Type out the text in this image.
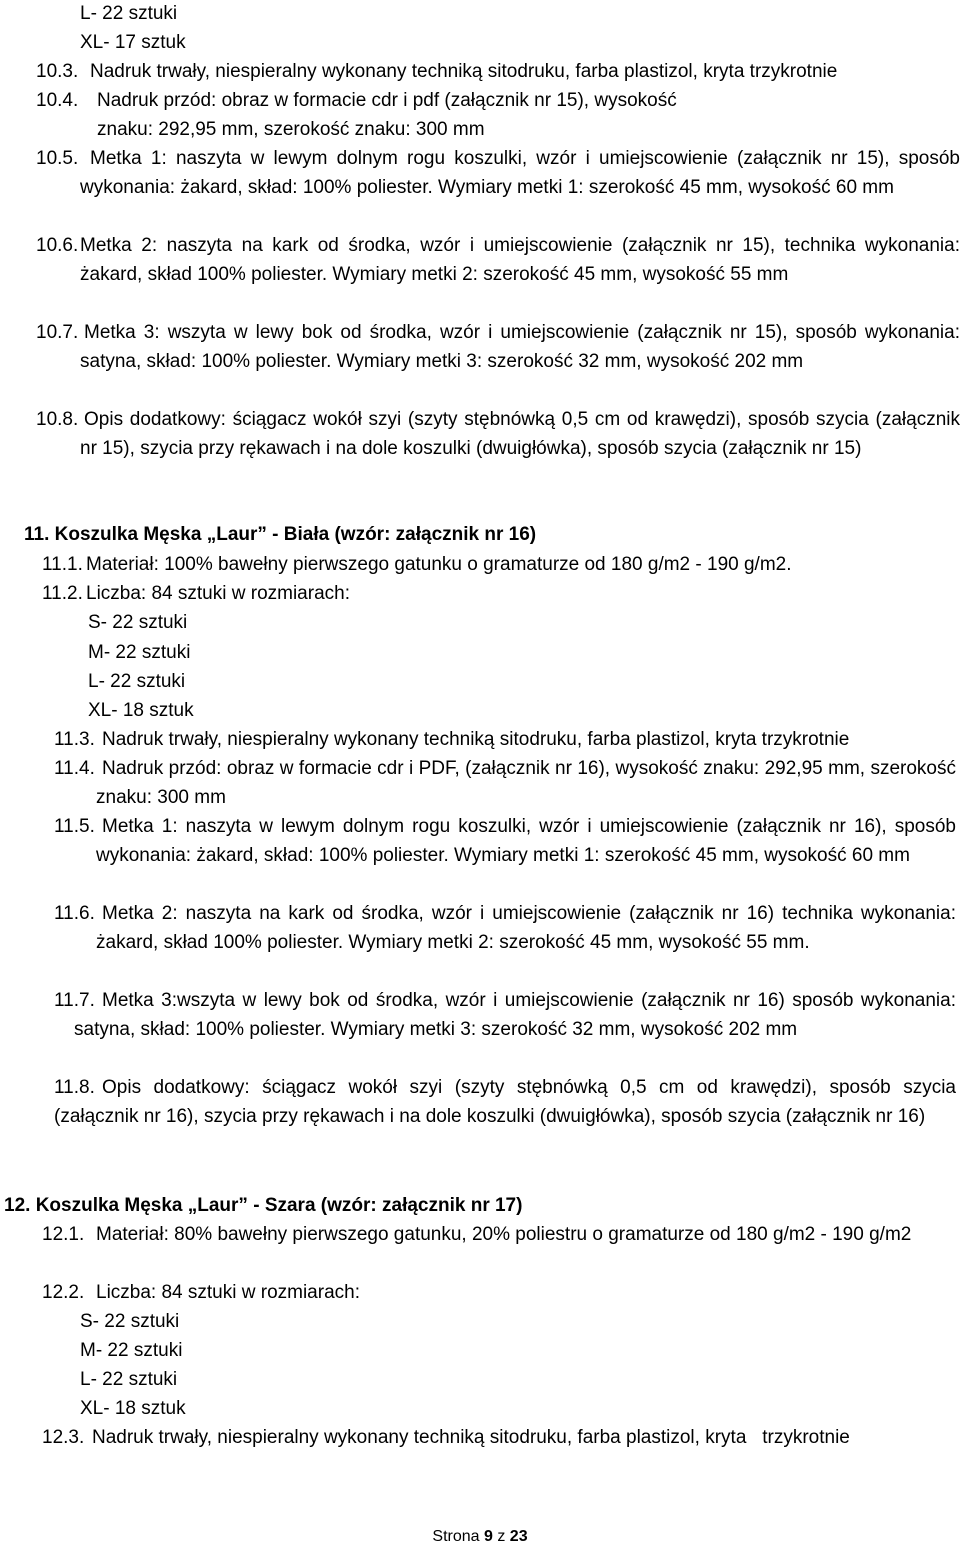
L- 22 sztuki
XL- 17 sztuk
10.3. Nadruk trwały, niespieralny wykonany techniką sitodruku, farba plastizol, kryta trzykrotnie
10.4. Nadruk przód: obraz w formacie cdr i pdf (załącznik nr 15), wysokość znaku: 292,95 mm, szerokość znaku: 300 mm
10.5. Metka 1: naszyta w lewym dolnym rogu koszulki, wzór i umiejscowienie (załącznik nr 15), sposób wykonania: żakard, skład: 100% poliester. Wymiary metki 1: szerokość 45 mm, wysokość 60 mm
10.6. Metka 2: naszyta na kark od środka, wzór i umiejscowienie (załącznik nr 15), technika wykonania: żakard, skład 100% poliester. Wymiary metki 2: szerokość 45 mm, wysokość 55 mm
10.7. Metka 3: wszyta w lewy bok od środka, wzór i umiejscowienie (załącznik nr 15), sposób wykonania: satyna, skład: 100% poliester. Wymiary metki 3: szerokość 32 mm, wysokość 202 mm
10.8. Opis dodatkowy: ściągacz wokół szyi (szyty stębnówką 0,5 cm od krawędzi), sposób szycia (załącznik nr 15), szycia przy rękawach i na dole koszulki (dwuigłówka), sposób szycia (załącznik nr 15)
11. Koszulka Męska „Laur” - Biała (wzór: załącznik nr 16)
11.1. Materiał: 100% bawełny pierwszego gatunku o gramaturze od 180 g/m2 - 190 g/m2.
11.2. Liczba: 84 sztuki w rozmiarach:
S- 22 sztuki
M- 22 sztuki
L- 22 sztuki
XL- 18 sztuk
11.3. Nadruk trwały, niespieralny wykonany techniką sitodruku, farba plastizol, kryta trzykrotnie
11.4. Nadruk przód: obraz w formacie cdr i PDF, (załącznik nr 16), wysokość znaku: 292,95 mm, szerokość znaku: 300 mm
11.5. Metka 1: naszyta w lewym dolnym rogu koszulki, wzór i umiejscowienie (załącznik nr 16), sposób wykonania: żakard, skład: 100% poliester. Wymiary metki 1: szerokość 45 mm, wysokość 60 mm
11.6. Metka 2: naszyta na kark od środka, wzór i umiejscowienie (załącznik nr 16) technika wykonania: żakard, skład 100% poliester. Wymiary metki 2: szerokość 45 mm, wysokość 55 mm.
11.7. Metka 3:wszyta w lewy bok od środka, wzór i umiejscowienie (załącznik nr 16) sposób wykonania: satyna, skład: 100% poliester. Wymiary metki 3: szerokość 32 mm, wysokość 202 mm
11.8. Opis dodatkowy: ściągacz wokół szyi (szyty stębnówką 0,5 cm od krawędzi), sposób szycia (załącznik nr 16), szycia przy rękawach i na dole koszulki (dwuigłówka), sposób szycia (załącznik nr 16)
12. Koszulka Męska „Laur” - Szara (wzór: załącznik nr 17)
12.1. Materiał: 80% bawełny pierwszego gatunku, 20% poliestru o gramaturze od 180 g/m2 - 190 g/m2
12.2. Liczba: 84 sztuki w rozmiarach:
S- 22 sztuki
M- 22 sztuki
L- 22 sztuki
XL- 18 sztuk
12.3. Nadruk trwały, niespieralny wykonany techniką sitodruku, farba plastizol, kryta   trzykrotnie
Strona 9 z 23
